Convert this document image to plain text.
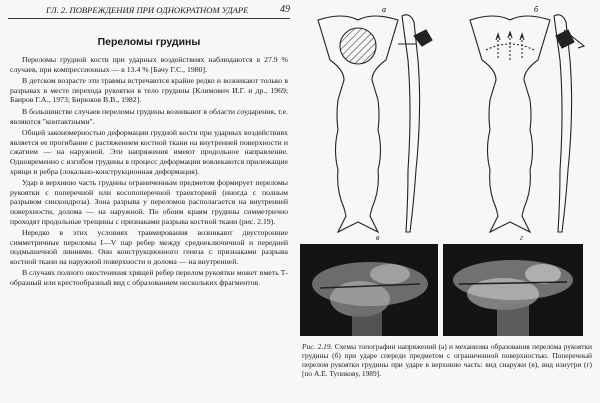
ГЛ. 2. ПОВРЕЖДЕНИЯ ПРИ ОДНОКРАТНОМ УДАРЕ	49
Переломы грудины

Переломы грудной кости при ударных воздействиях наблюдаются в 27.9 % случаев, при компрессионных — в 13.4 % [Бачу Г.С., 1980].

В детском возрасте эти травмы встречаются крайне редко и возникают только в разрывах в месте перехода рукоятки в тело грудины [Климович И.Г. и др., 1969; Баиров Г.А., 1973; Бирюков В.В., 1982].

В большинстве случаев переломы грудины возникают в области соударения, т.е. являются "контактными".

Общей закономерностью деформации грудной кости при ударных воздействиях является ее прогибание с растяжением костной ткани на внутренней поверхности и сжатием — на наружной. Эти напряжения имеют продольное направление. Одновременно с изгибом грудины в процесс деформации вовлекаются прилежащие хрящи и ребра (локально-конструкционная деформация).

Удар в верхнюю часть грудины ограниченным предметом формирует переломы рукоятки с поперечной или косопоперечной траекторией (иногда с полным разрывом синхондроза). Зона разрыва у переломов располагается на внутренней поверхности, долома — на наружной. По обоим краям грудины симметрично проходят продольные трещины с признаками разрыва костной ткани (рис. 2.19).

Нередко в этих условиях травмирования возникают двусторонние симметричные переломы I—V пар ребер между среднеключичной и передней подмышечной линиями. Они конструкционного генеза с признаками разрыва костной ткани на наружной поверхности и долома — на внутренней.

В случаях полного окостенения хрящей ребер перелом рукоятки может иметь Т-образный или крестообразный вид с образованием нескольких фрагментов.

а	б
в	г
Рис. 2.19. Схемы топографии напряжений (а) и механизма образования перелома рукоятки грудины (б) при ударе спереди предметом с ограниченной поверхностью. Поперечный перелом рукоятки грудины при ударе в верхнюю часть: вид снаружи (в), вид изнутри (г) [по А.Е. Тупикову, 1989].
